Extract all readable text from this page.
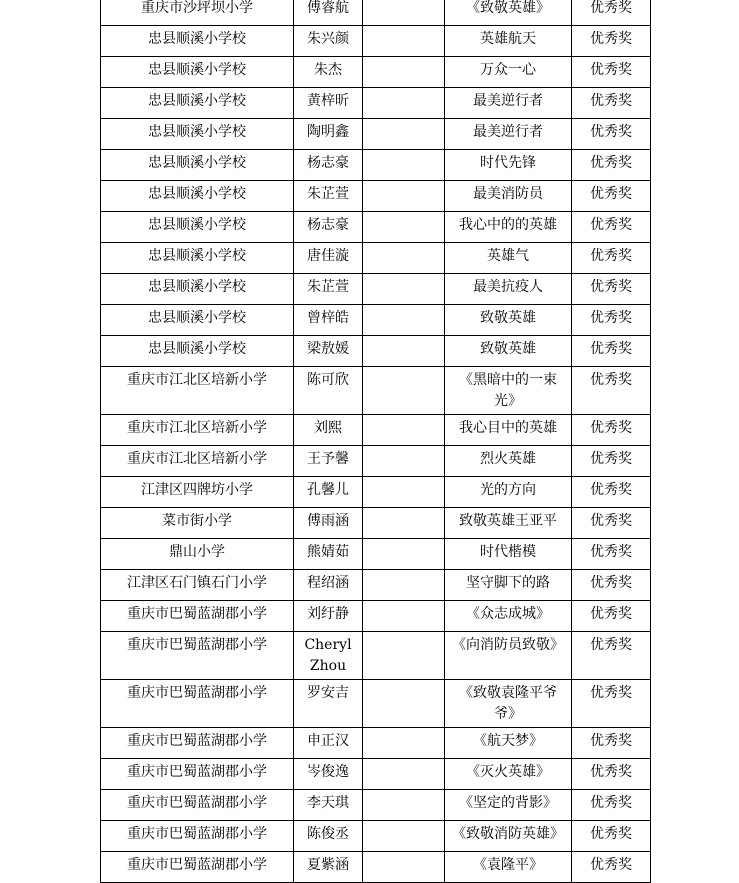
重庆市沙坪坝小学	傅睿航		《致敬英雄》	优秀奖
忠县顺溪小学校	朱兴颜		英雄航天	优秀奖
忠县顺溪小学校	朱杰		万众一心	优秀奖
忠县顺溪小学校	黄梓昕		最美逆行者	优秀奖
忠县顺溪小学校	陶明鑫		最美逆行者	优秀奖
忠县顺溪小学校	杨志豪		时代先锋	优秀奖
忠县顺溪小学校	朱芷萱		最美消防员	优秀奖
忠县顺溪小学校	杨志豪		我心中的的英雄	优秀奖
忠县顺溪小学校	唐佳漩		英雄气	优秀奖
忠县顺溪小学校	朱芷萱		最美抗疫人	优秀奖
忠县顺溪小学校	曾梓皓		致敬英雄	优秀奖
忠县顺溪小学校	梁敖媛		致敬英雄	优秀奖
重庆市江北区培新小学	陈可欣		《黑暗中的一束光》	优秀奖
重庆市江北区培新小学	刘熙		我心目中的英雄	优秀奖
重庆市江北区培新小学	王予馨		烈火英雄	优秀奖
江津区四牌坊小学	孔馨儿		光的方向	优秀奖
菜市街小学	傅雨涵		致敬英雄王亚平	优秀奖
鼎山小学	熊婧茹		时代楷模	优秀奖
江津区石门镇石门小学	程绍涵		坚守脚下的路	优秀奖
重庆市巴蜀蓝湖郡小学	刘纡静		《众志成城》	优秀奖
重庆市巴蜀蓝湖郡小学	Cheryl Zhou		《向消防员致敬》	优秀奖
重庆市巴蜀蓝湖郡小学	罗安吉		《致敬袁隆平爷爷》	优秀奖
重庆市巴蜀蓝湖郡小学	申正汉		《航天梦》	优秀奖
重庆市巴蜀蓝湖郡小学	岑俊逸		《灭火英雄》	优秀奖
重庆市巴蜀蓝湖郡小学	李天琪		《坚定的背影》	优秀奖
重庆市巴蜀蓝湖郡小学	陈俊丞		《致敬消防英雄》	优秀奖
重庆市巴蜀蓝湖郡小学	夏紫涵		《袁隆平》	优秀奖
